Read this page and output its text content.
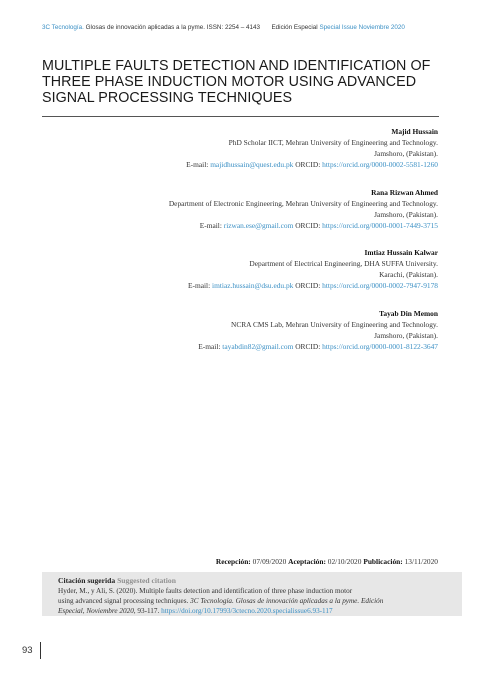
3C Tecnología. Glosas de innovación aplicadas a la pyme. ISSN: 2254 – 4143 Edición Especial Special Issue Noviembre 2020
MULTIPLE FAULTS DETECTION AND IDENTIFICATION OF
THREE PHASE INDUCTION MOTOR USING ADVANCED
SIGNAL PROCESSING TECHNIQUES
Majid Hussain
PhD Scholar IICT, Mehran University of Engineering and Technology.
Jamshoro, (Pakistan).
E-mail: majidhussain@quest.edu.pk ORCID: https://orcid.org/0000-0002-5581-1260
Rana Rizwan Ahmed
Department of Electronic Engineering, Mehran University of Engineering and Technology.
Jamshoro, (Pakistan).
E-mail: rizwan.ese@gmail.com ORCID: https://orcid.org/0000-0001-7449-3715
Imtiaz Hussain Kalwar
Department of Electrical Engineering, DHA SUFFA University.
Karachi, (Pakistan).
E-mail: imtiaz.hussain@dsu.edu.pk ORCID: https://orcid.org/0000-0002-7947-9178
Tayab Din Memon
NCRA CMS Lab, Mehran University of Engineering and Technology.
Jamshoro, (Pakistan).
E-mail: tayabdin82@gmail.com ORCID: https://orcid.org/0000-0001-8122-3647
Recepción: 07/09/2020 Aceptación: 02/10/2020 Publicación: 13/11/2020
Citación sugerida Suggested citation
Hyder, M., y Ali, S. (2020). Multiple faults detection and identification of three phase induction motor
using advanced signal processing techniques. 3C Tecnología. Glosas de innovación aplicadas a la pyme. Edición
Especial, Noviembre 2020, 93-117. https://doi.org/10.17993/3ctecno.2020.specialissue6.93-117
93
